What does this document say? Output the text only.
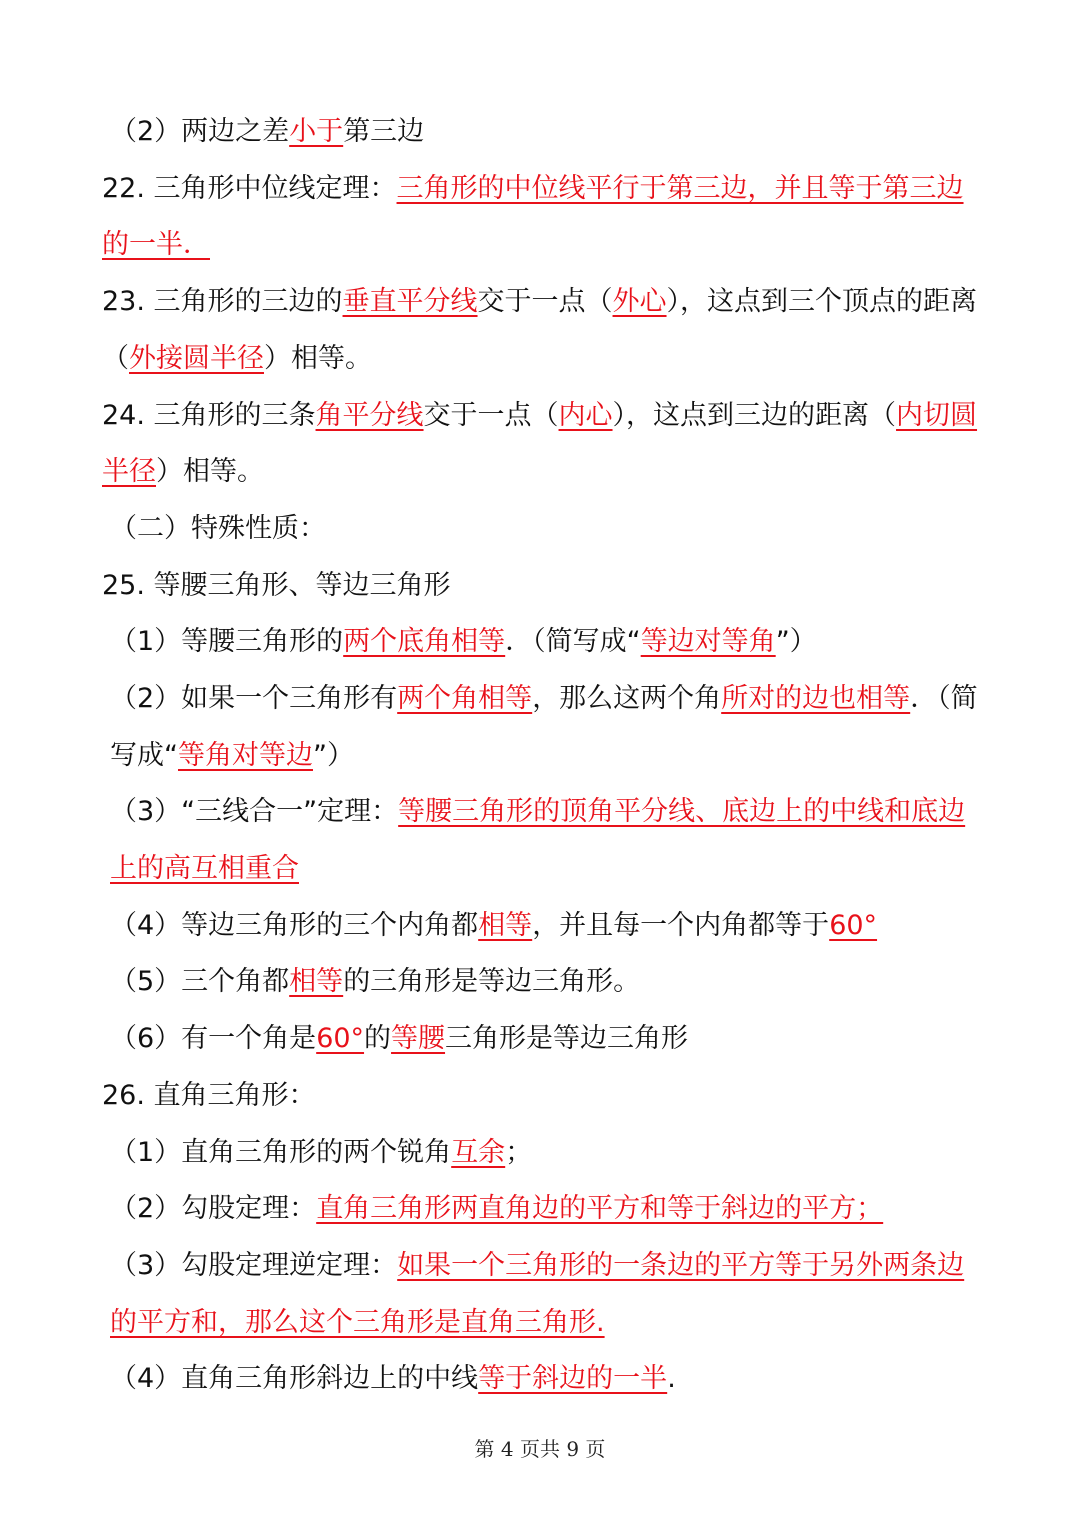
（2）两边之差小于第三边
22. 三角形中位线定理：三角形的中位线平行于第三边，并且等于第三边的一半．
23. 三角形的三边的垂直平分线交于一点（外心），这点到三个顶点的距离（外接圆半径）相等。
24. 三角形的三条角平分线交于一点（内心），这点到三边的距离（内切圆半径）相等。
（二）特殊性质：
25. 等腰三角形、等边三角形
（1）等腰三角形的两个底角相等．（简写成“等边对等角”）
（2）如果一个三角形有两个角相等，那么这两个角所对的边也相等．（简写成“等角对等边”）
（3）“三线合一”定理：等腰三角形的顶角平分线、底边上的中线和底边上的高互相重合
（4）等边三角形的三个内角都相等，并且每一个内角都等于60°
（5）三个角都相等的三角形是等边三角形。
（6）有一个角是60°的等腰三角形是等边三角形
26. 直角三角形：
（1）直角三角形的两个锐角互余；
（2）勾股定理：直角三角形两直角边的平方和等于斜边的平方；
（3）勾股定理逆定理：如果一个三角形的一条边的平方等于另外两条边的平方和，那么这个三角形是直角三角形.
（4）直角三角形斜边上的中线等于斜边的一半.
第 4 页共 9 页
